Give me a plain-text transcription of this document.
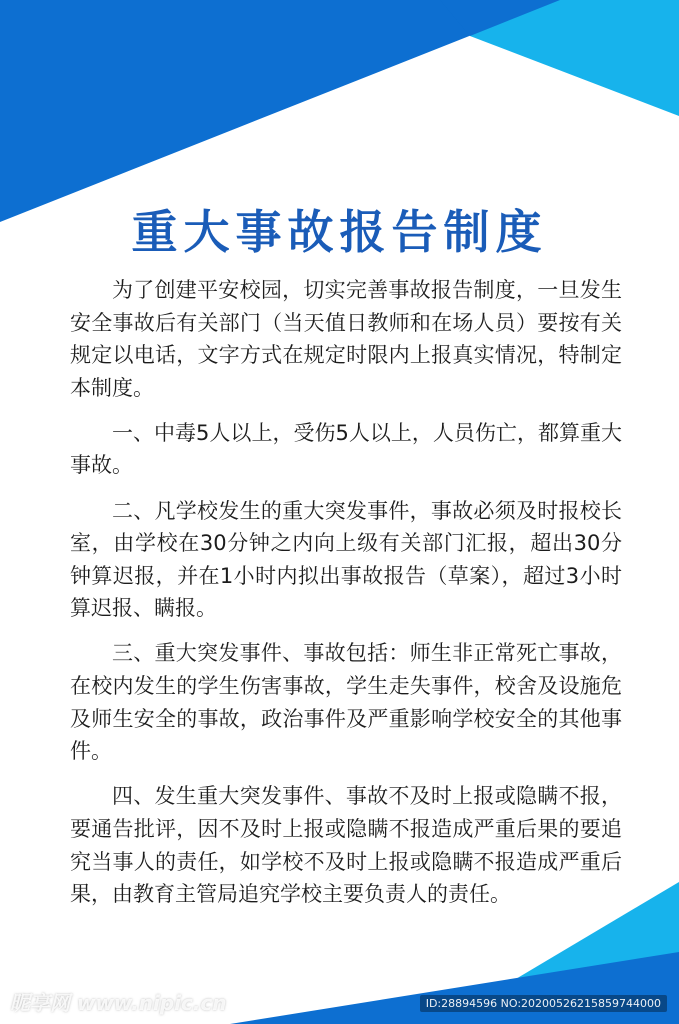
重大事故报告制度

为了创建平安校园，切实完善事故报告制度，一旦发生安全事故后有关部门（当天值日教师和在场人员）要按有关规定以电话，文字方式在规定时限内上报真实情况，特制定本制度。

一、中毒5人以上，受伤5人以上，人员伤亡，都算重大事故。

二、凡学校发生的重大突发事件，事故必须及时报校长室，由学校在30分钟之内向上级有关部门汇报，超出30分钟算迟报，并在1小时内拟出事故报告（草案），超过3小时算迟报、瞒报。

三、重大突发事件、事故包括：师生非正常死亡事故，在校内发生的学生伤害事故，学生走失事件，校舍及设施危及师生安全的事故，政治事件及严重影响学校安全的其他事件。

四、发生重大突发事件、事故不及时上报或隐瞒不报，要通告批评，因不及时上报或隐瞒不报造成严重后果的要追究当事人的责任，如学校不及时上报或隐瞒不报造成严重后果，由教育主管局追究学校主要负责人的责任。

昵享网 www.nipic.cn	ID:28894596 NO:20200526215859744000
